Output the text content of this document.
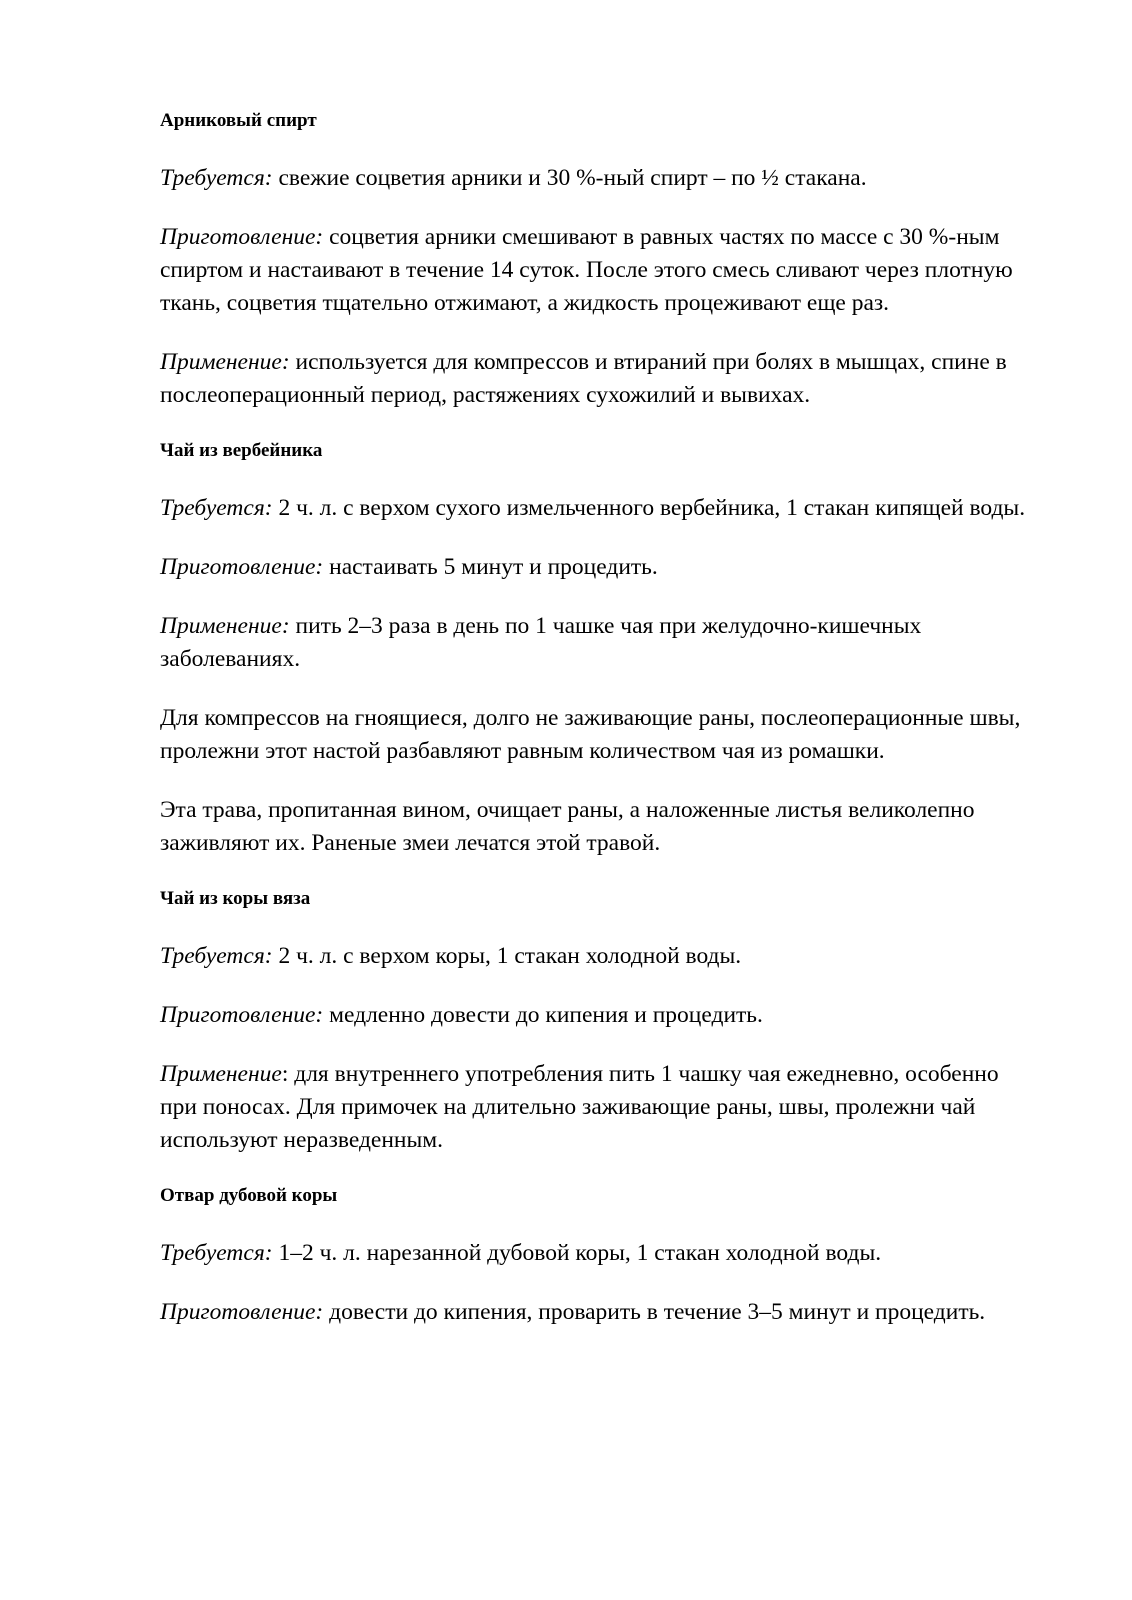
Арниковый спирт

Требуется: свежие соцветия арники и 30 %-ный спирт – по ½ стакана.

Приготовление: соцветия арники смешивают в равных частях по массе с 30 %-ным спиртом и настаивают в течение 14 суток. После этого смесь сливают через плотную ткань, соцветия тщательно отжимают, а жидкость процеживают еще раз.

Применение: используется для компрессов и втираний при болях в мышцах, спине в послеоперационный период, растяжениях сухожилий и вывихах.

Чай из вербейника

Требуется: 2 ч. л. с верхом сухого измельченного вербейника, 1 стакан кипящей воды.

Приготовление: настаивать 5 минут и процедить.

Применение: пить 2–3 раза в день по 1 чашке чая при желудочно-кишечных заболеваниях.

Для компрессов на гноящиеся, долго не заживающие раны, послеоперационные швы, пролежни этот настой разбавляют равным количеством чая из ромашки.

Эта трава, пропитанная вином, очищает раны, а наложенные листья великолепно заживляют их. Раненые змеи лечатся этой травой.

Чай из коры вяза

Требуется: 2 ч. л. с верхом коры, 1 стакан холодной воды.

Приготовление: медленно довести до кипения и процедить.

Применение: для внутреннего употребления пить 1 чашку чая ежедневно, особенно при поносах. Для примочек на длительно заживающие раны, швы, пролежни чай используют неразведенным.

Отвар дубовой коры

Требуется: 1–2 ч. л. нарезанной дубовой коры, 1 стакан холодной воды.

Приготовление: довести до кипения, проварить в течение 3–5 минут и процедить.
